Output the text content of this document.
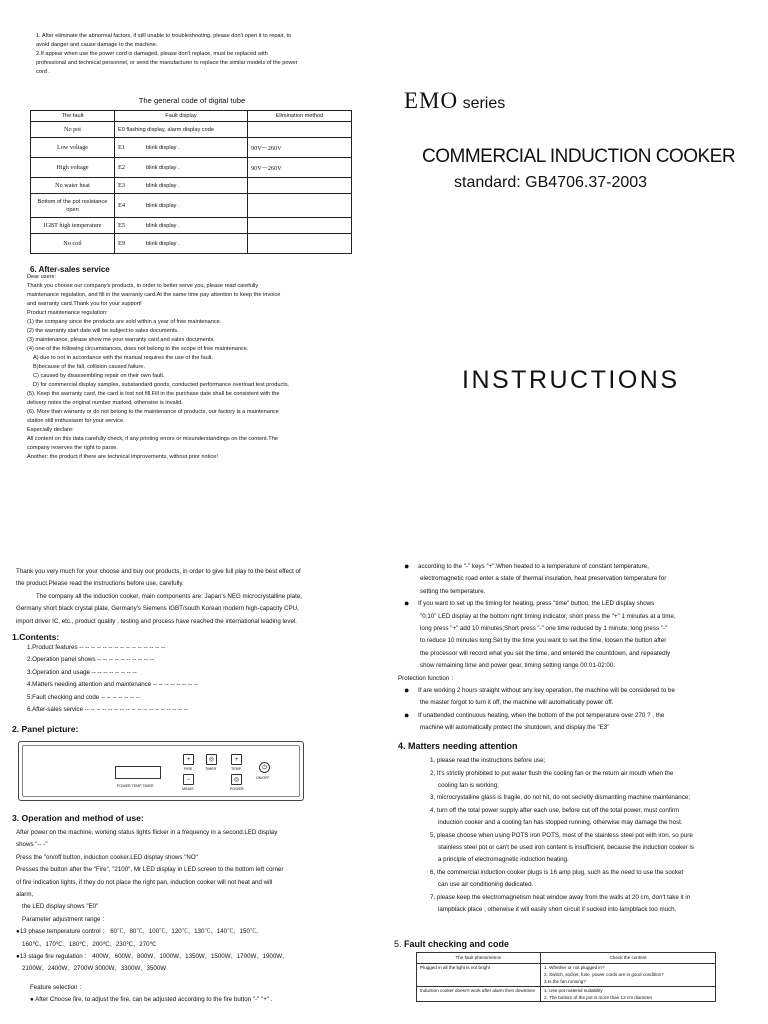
1. After eliminate the abnormal factors, if still unable to troubleshooting, please don't open it to repair, to
avoid danger and cause damage to the machine.
2.If appear when use the power cord is damaged, please don't replace, must be replaced with
professional and technical personnel, or send the manufacturer to replace the similar models of the power
cord .
The general code of digital tube
The fault	Fault display	Elimination method
No pot	E0 flashing display, alarm display code	
Low voltage	E1 blink display .	90V～260V
High voltage	E2 blink display .	90V～260V
No water heat	E3 blink display .	
Bottom of the pot resistance open	E4 blink display .	
IGBT high temperature	E5 blink display .	
No coil	E9 blink display .	
6. After-sales service
Dear users:
Thank you choose our company's products, in order to better serve you, please read carefully
maintenance regulation, and fill in the warranty card.At the same time pay attention to keep the invoice
and warranty card.Thank you for your support!
Product maintenance regulation:
(1) the company since the products are sold within a year of free maintenance.
(2) the warranty start date will be subject to sales documents.
(3) maintenance, please show me your warranty card and sales documents.
(4) one of the following circumstances, does not belong to the scope of free maintenance.
A) due to not in accordance with the manual requires the use of the fault.
B)because of the fall, collision caused failure.
C) caused by disassembling repair on their own fault.
D) for commercial display samples, substandard goods, conducted performance overload test products.
(5). Keep the warranty card, the card is lost not fill.Fill in the purchase date shall be consistent with the
delivery notes the original number marked, otherwise is invalid.
(6). More than warranty or do not belong to the maintenance of products, our factory is a maintenance
station still enthusiasm for your service.
Especially declare:
All content on this data carefully check, if any printing errors or misunderstandings on the content.The
company reserves the right to parse.
Another: the product if there are technical improvements, without prior notice!
EMO series
COMMERCIAL INDUCTION COOKER
standard: GB4706.37-2003
INSTRUCTIONS
Thank you very much for your choose and buy our products, in order to give full play to the best effect of
the product.Please read the instructions before use, carefully.
The company all the induction cooker, main components are: Japan's NEG microcrystalline plate,
Germany short black crystal plate, Germany's Siemens IGBT/south Korean modern high-capacity CPU,
import driver IC, etc., product quality , testing and process have reached the international leading level.
1.Contents:
1.Product features -- -- -- -- -- -- -- -- -- -- -- -- -- -- --
2.Operation panel shows -- -- -- -- -- -- -- -- -- --
3.Operation and usage -- -- -- -- -- -- -- --
4.Matters needing attention and maintenance -- -- -- -- -- -- -- --
5.Fault checking and code -- -- -- -- -- -- --
6.After-sales service -- -- -- -- -- -- -- -- -- -- -- -- -- -- -- -- -- --
2. Panel picture:
POWER TEMP TIMER
+
FIRE
◎
TIMER
+
TEMP	⏻
ON/OFF
−
MINUS
◎
POWER
3. Operation and method of use:
After power on the machine, working status lights flicker in a frequency in a second.LED display
shows "-- -"
Press the "on/off button, induction cooker.LED display shows "NO"
Presses the button after the "Fire", "2100", Mr LED display in LED screen to the bottom left corner
of fire indication lights, if they do not place the right pan, induction cooker will not heat and will
alarm,
the LED display shows "E0"
Parameter adjustment range ：
●13 phase temperature control ： 60℃、80℃、100℃、120℃、130℃、140℃、150℃、
160℃、170℃、180℃、200℃、230℃、270℃
●13 stage fire regulation ： 400W、600W、800W、1000W、1350W、1500W、1700W、1900W、
2100W、2400W、2700W 3000W、3300W、3500W
Feature selection ：
● After Choose fire, to adjust the fire, can be adjusted according to the fire button "-" "+" .
● according to the "-" keys "+".When heated to a temperature of constant temperature,
electromagnetic road enter a state of thermal insulation, heat preservation temperature for
setting the temperature.
● If you want to set up the timing for heating, press "time" button, the LED display shows
"0:10" LED display at the bottom right timing indicator, short press the "+" 1 minutes at a time,
long press "+" add 10 minutes;Short press "-" one time reduced by 1 minute, long press "-"
to reduce 10 minutes long.Set by the time you want to set the time, loosen the button after
the processor will record what you set the time, and entered the countdown, and repeatedly
show remaining time and power gear, timing setting range 00:01-02:00.
Protection function ：
● If are working 2 hours straight without any key operation, the machine will be considered to be
the master forgot to turn it off, the machine will automatically power off.
● If unattended continuous heating, when the bottom of the pot temperature over 270 ? , the
machine will automatically protect the shutdown, and display the "E3"
4. Matters needing attention
1, please read the instructions before use;
2, It's strictly prohibited to put water flush the cooling fan or the return air mouth when the
cooling fan is working;
3, microcrystalline glass is fragile, do not hit, do not secretly dismantling machine maintenance;
4, turn off the total power supply after each use, before cut off the total power, must confirm
induction cooker and a cooling fan has stopped running, otherwise may damage the host.
5, please choose when using POTS iron POTS, most of the stainless steel pot with iron, so pure
stainless steel pot or can't be used iron content is insufficient, because the induction cooker is
a principle of electromagnetic induction heating.
6, the commercial induction cooker plugs is 16 amp plug, such as the need to use the socket
can use air conditioning dedicated.
7, please keep the electromagnetism heat window away from the walls at 20 cm, don't take it in
lampblack place , otherwise it will easily short circuit if sucked into lampblack too much.
5. Fault checking and code
The fault phenomenon	Check the content
Plugged in all the light is not bright	1. Whether or not plugged in?
2. Switch, socket, fuse, power cords are in good condition?
3.Is the fan running?

Induction cooker doesn't work after alarm then downtime	1. Use pot material suitability
2. The bottom of the pot is more than 12 cm diameter
